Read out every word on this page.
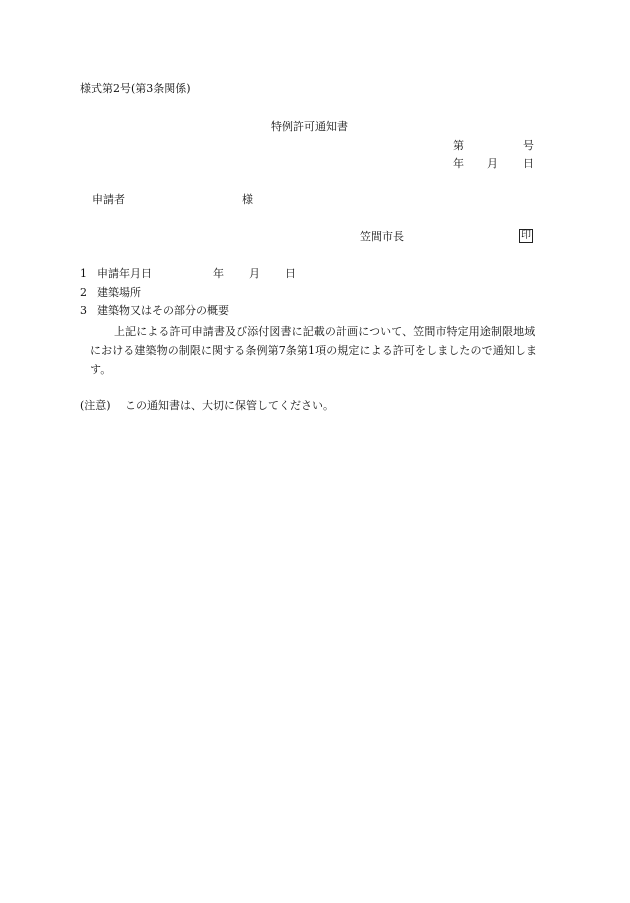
様式第2号(第3条関係)
特例許可通知書
第	号
年 月 日
申請者	様
笠間市長	印
1 申請年月日	年 月 日
2 建築場所
3 建築物又はその部分の概要
上記による許可申請書及び添付図書に記載の計画について、笠間市特定用途制限地域における建築物の制限に関する条例第7条第1項の規定による許可をしましたので通知します。
(注意) この通知書は、大切に保管してください。
